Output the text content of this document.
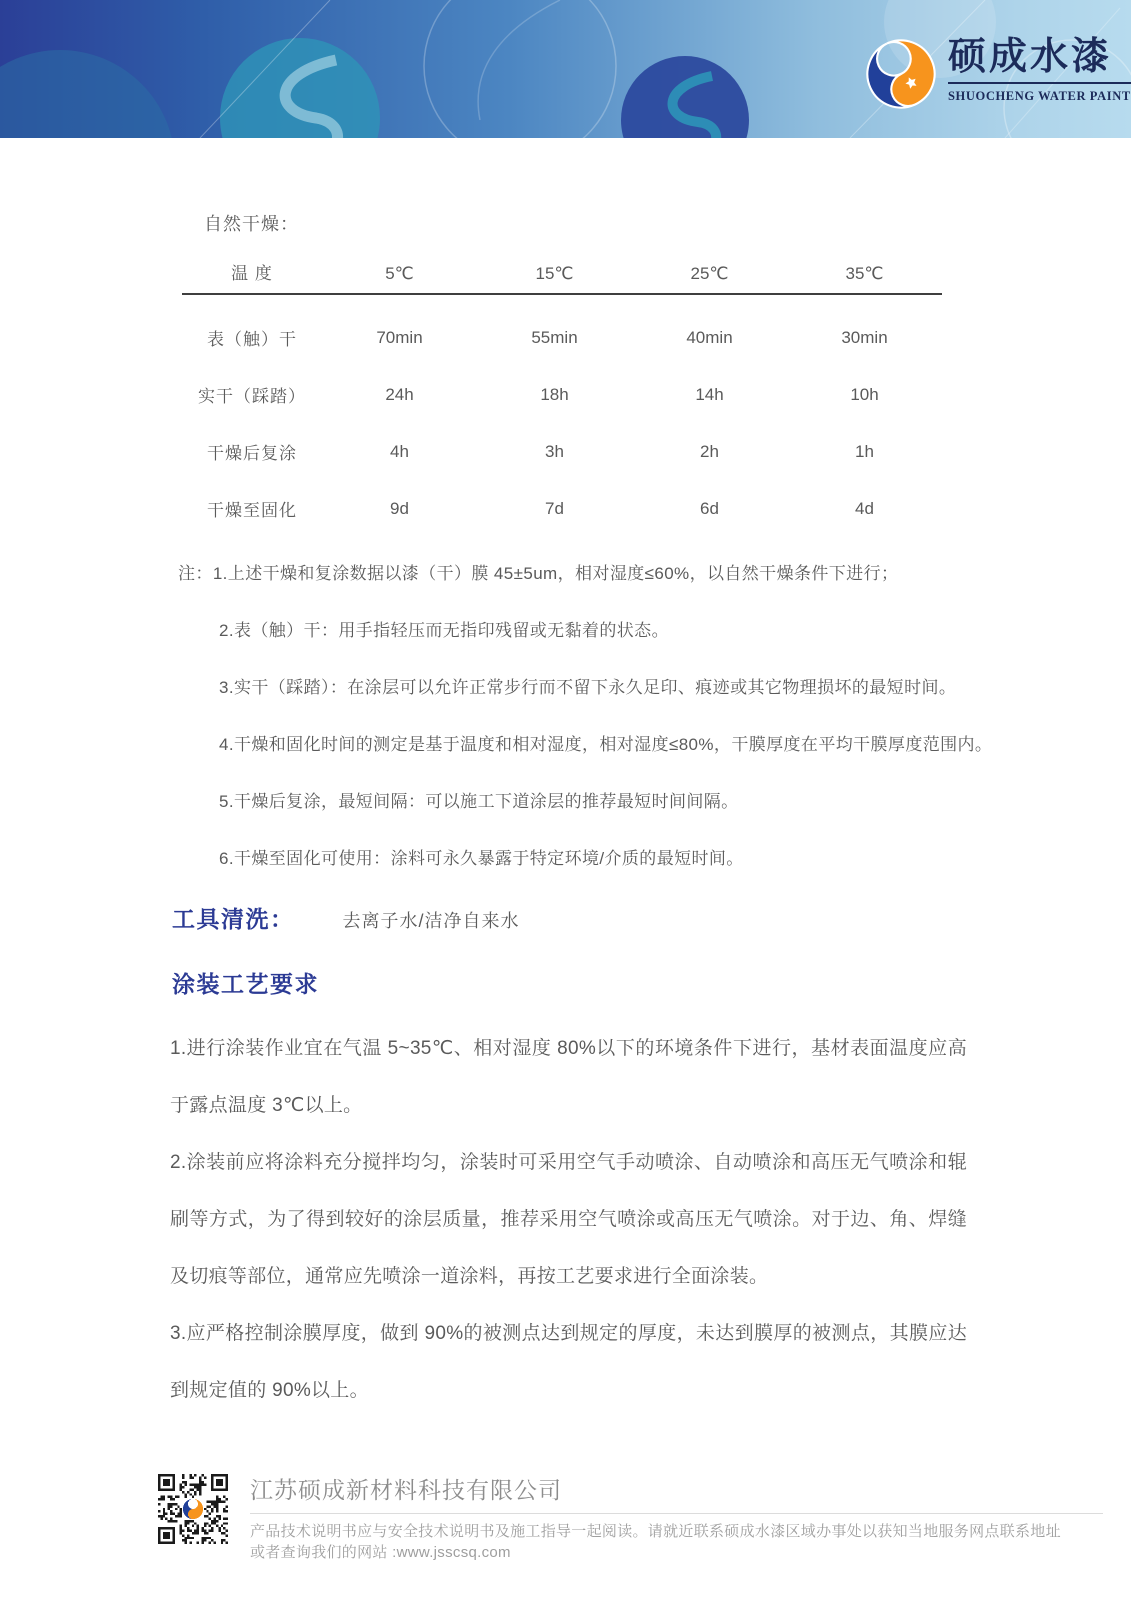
硕成水漆
SHUOCHENG WATER PAINT
自然干燥：
温 度	5℃	15℃	25℃	35℃
表（触）干	70min	55min	40min	30min
实干（踩踏）	24h	18h	14h	10h
干燥后复涂	4h	3h	2h	1h
干燥至固化	9d	7d	6d	4d
注：1.上述干燥和复涂数据以漆（干）膜 45±5um，相对湿度≤60%，以自然干燥条件下进行；
2.表（触）干：用手指轻压而无指印残留或无黏着的状态。
3.实干（踩踏）：在涂层可以允许正常步行而不留下永久足印、痕迹或其它物理损坏的最短时间。
4.干燥和固化时间的测定是基于温度和相对湿度，相对湿度≤80%，干膜厚度在平均干膜厚度范围内。
5.干燥后复涂，最短间隔：可以施工下道涂层的推荐最短时间间隔。
6.干燥至固化可使用：涂料可永久暴露于特定环境/介质的最短时间。
工具清洗：	去离子水/洁净自来水
涂装工艺要求

1.进行涂装作业宜在气温 5~35℃、相对湿度 80%以下的环境条件下进行，基材表面温度应高于露点温度 3℃以上。

2.涂装前应将涂料充分搅拌均匀，涂装时可采用空气手动喷涂、自动喷涂和高压无气喷涂和辊刷等方式，为了得到较好的涂层质量，推荐采用空气喷涂或高压无气喷涂。对于边、角、焊缝及切痕等部位，通常应先喷涂一道涂料，再按工艺要求进行全面涂装。

3.应严格控制涂膜厚度，做到 90%的被测点达到规定的厚度，未达到膜厚的被测点，其膜应达到规定值的 90%以上。

江苏硕成新材料科技有限公司
产品技术说明书应与安全技术说明书及施工指导一起阅读。请就近联系硕成水漆区域办事处以获知当地服务网点联系地址
或者查询我们的网站 :www.jsscsq.com
